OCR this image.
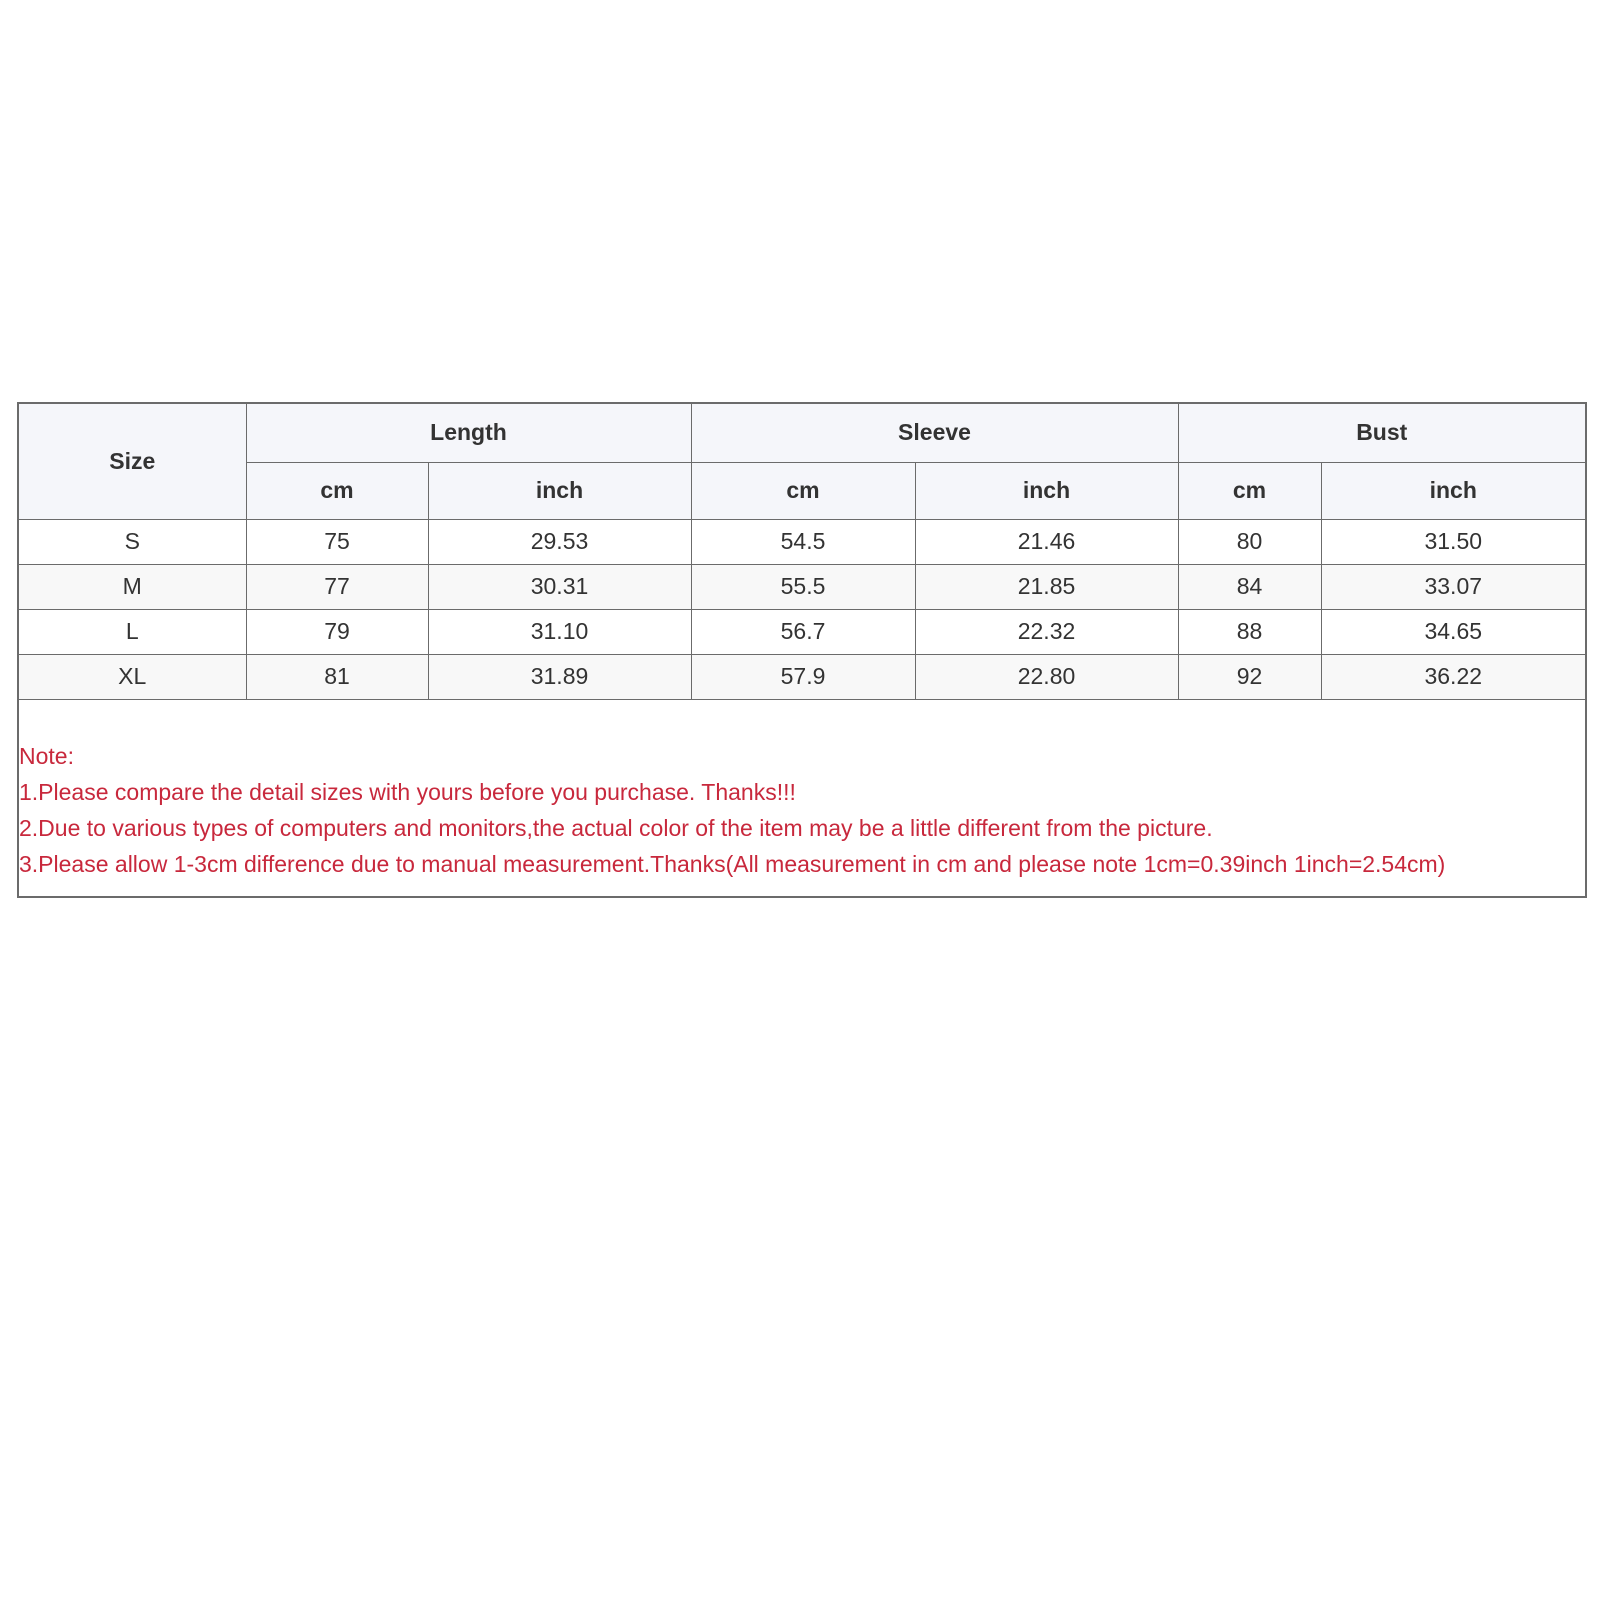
Size	Length		Sleeve		Bust	
	cm	inch	cm	inch	cm	inch
S	75	29.53	54.5	21.46	80	31.50
M	77	30.31	55.5	21.85	84	33.07
L	79	31.10	56.7	22.32	88	34.65
XL	81	31.89	57.9	22.80	92	36.22
Note:
1.Please compare the detail sizes with yours before you purchase. Thanks!!!
2.Due to various types of computers and monitors,the actual color of the item may be a little different from the picture.
3.Please allow 1-3cm difference due to manual measurement.Thanks(All measurement in cm and please note 1cm=0.39inch 1inch=2.54cm)
